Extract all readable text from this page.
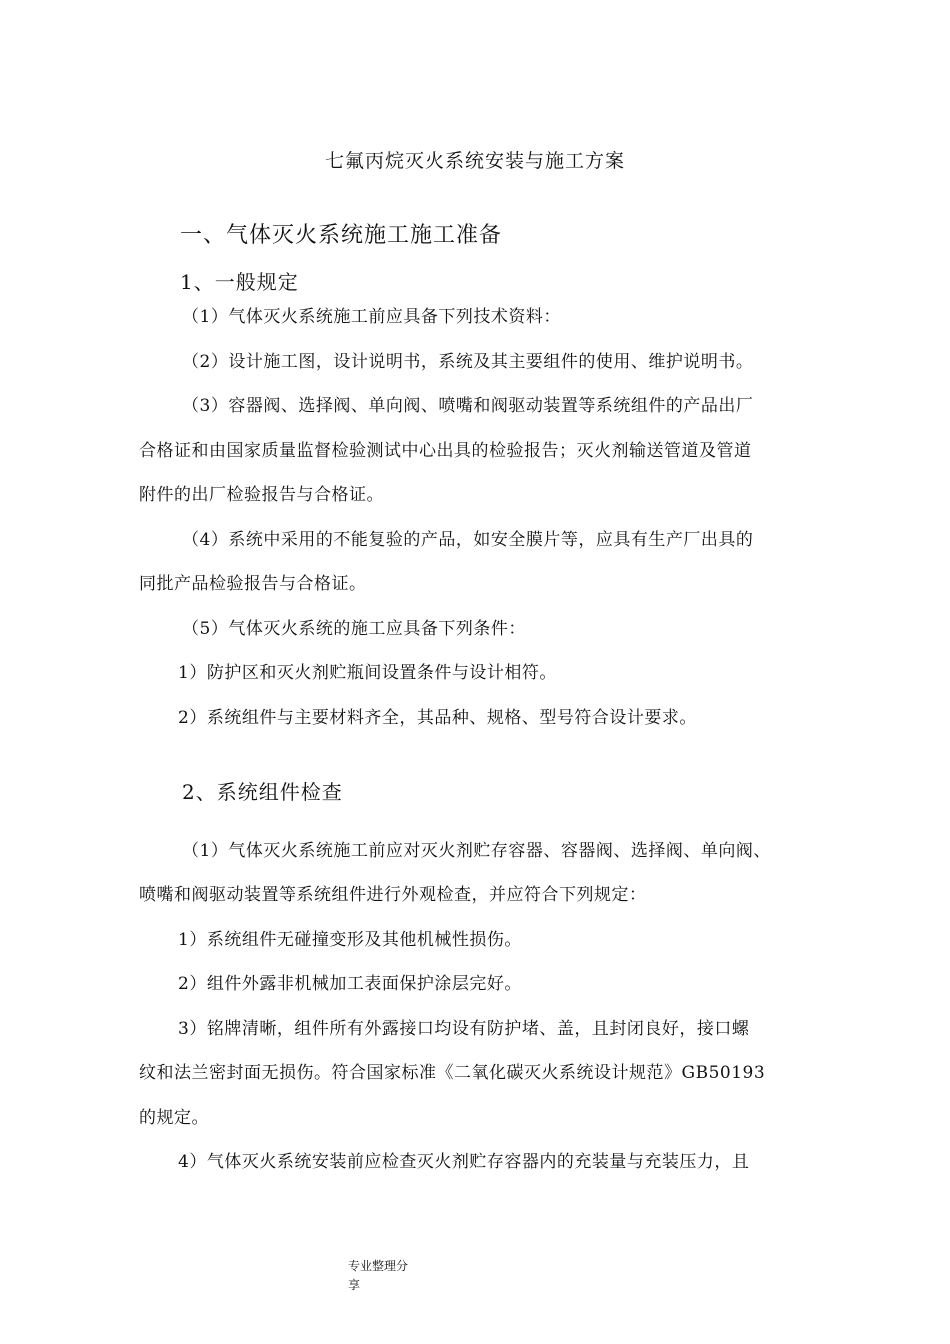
七氟丙烷灭火系统安装与施工方案
一、气体灭火系统施工施工准备
1、一般规定
（1）气体灭火系统施工前应具备下列技术资料：
（2）设计施工图，设计说明书，系统及其主要组件的使用、维护说明书。
（3）容器阀、选择阀、单向阀、喷嘴和阀驱动装置等系统组件的产品出厂
合格证和由国家质量监督检验测试中心出具的检验报告；灭火剂输送管道及管道
附件的出厂检验报告与合格证。
（4）系统中采用的不能复验的产品，如安全膜片等，应具有生产厂出具的
同批产品检验报告与合格证。
（5）气体灭火系统的施工应具备下列条件：
1）防护区和灭火剂贮瓶间设置条件与设计相符。
2）系统组件与主要材料齐全，其品种、规格、型号符合设计要求。
2、系统组件检查
（1）气体灭火系统施工前应对灭火剂贮存容器、容器阀、选择阀、单向阀、
喷嘴和阀驱动装置等系统组件进行外观检查，并应符合下列规定：
1）系统组件无碰撞变形及其他机械性损伤。
2）组件外露非机械加工表面保护涂层完好。
3）铭牌清晰，组件所有外露接口均设有防护堵、盖，且封闭良好，接口螺
纹和法兰密封面无损伤。符合国家标准《二氧化碳灭火系统设计规范》GB50193
的规定。
4）气体灭火系统安装前应检查灭火剂贮存容器内的充装量与充装压力，且
专业整理分
享
